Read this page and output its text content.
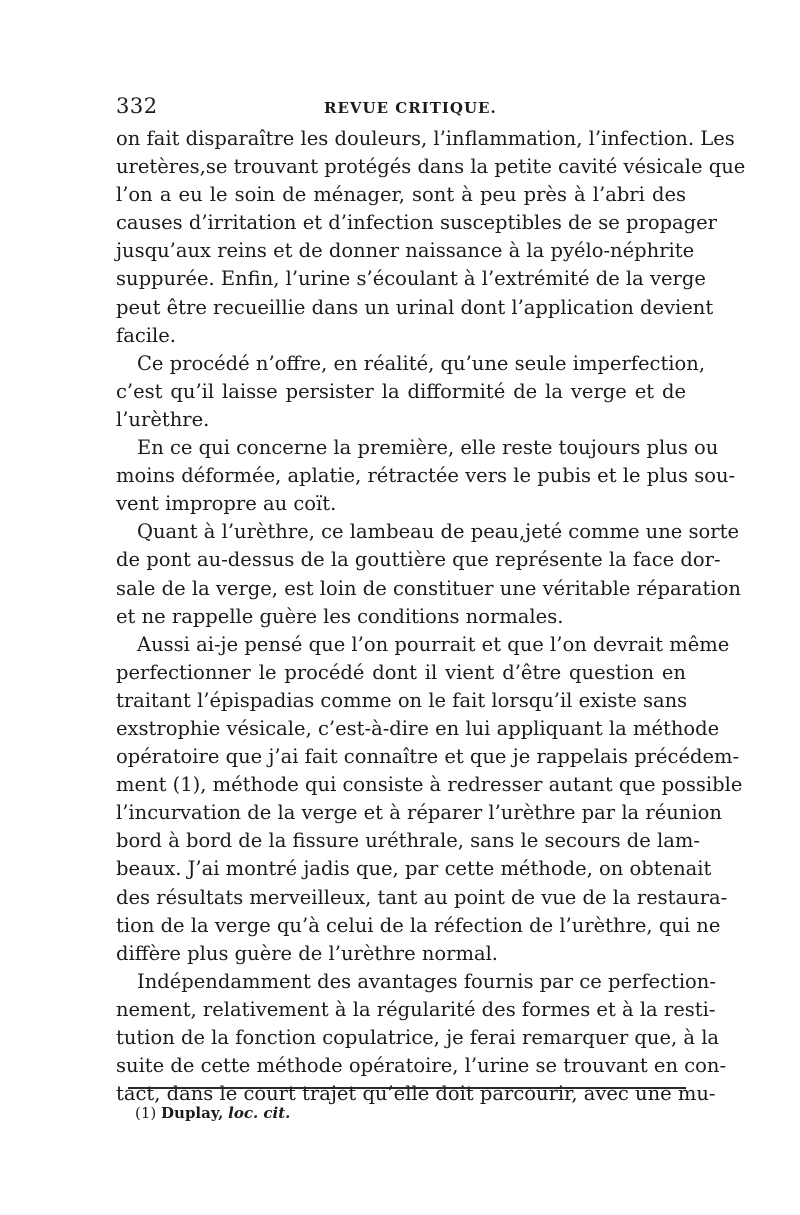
332	REVUE CRITIQUE.

on fait disparaître les douleurs, l’inflammation, l’infection. Les
uretères,se trouvant protégés dans la petite cavité vésicale que
l’on a eu le soin de ménager, sont à peu près à l’abri des
causes d’irritation et d’infection susceptibles de se propager
jusqu’aux reins et de donner naissance à la pyélo-néphrite
suppurée. Enfin, l’urine s’écoulant à l’extrémité de la verge
peut être recueillie dans un urinal dont l’application devient
facile.

Ce procédé n’offre, en réalité, qu’une seule imperfection,
c’est qu’il laisse persister la difformité de la verge et de
l’urèthre.

En ce qui concerne la première, elle reste toujours plus ou
moins déformée, aplatie, rétractée vers le pubis et le plus sou-
vent impropre au coït.

Quant à l’urèthre, ce lambeau de peau,jeté comme une sorte
de pont au-dessus de la gouttière que représente la face dor-
sale de la verge, est loin de constituer une véritable réparation
et ne rappelle guère les conditions normales.

Aussi ai-je pensé que l’on pourrait et que l’on devrait même
perfectionner le procédé dont il vient d’être question en
traitant l’épispadias comme on le fait lorsqu’il existe sans
exstrophie vésicale, c’est-à-dire en lui appliquant la méthode
opératoire que j’ai fait connaître et que je rappelais précédem-
ment (1), méthode qui consiste à redresser autant que possible
l’incurvation de la verge et à réparer l’urèthre par la réunion
bord à bord de la fissure uréthrale, sans le secours de lam-
beaux. J’ai montré jadis que, par cette méthode, on obtenait
des résultats merveilleux, tant au point de vue de la restaura-
tion de la verge qu’à celui de la réfection de l’urèthre, qui ne
diffère plus guère de l’urèthre normal.

Indépendamment des avantages fournis par ce perfection-
nement, relativement à la régularité des formes et à la resti-
tution de la fonction copulatrice, je ferai remarquer que, à la
suite de cette méthode opératoire, l’urine se trouvant en con-
tact, dans le court trajet qu’elle doit parcourir, avec une mu-

(1) Duplay, loc. cit.
